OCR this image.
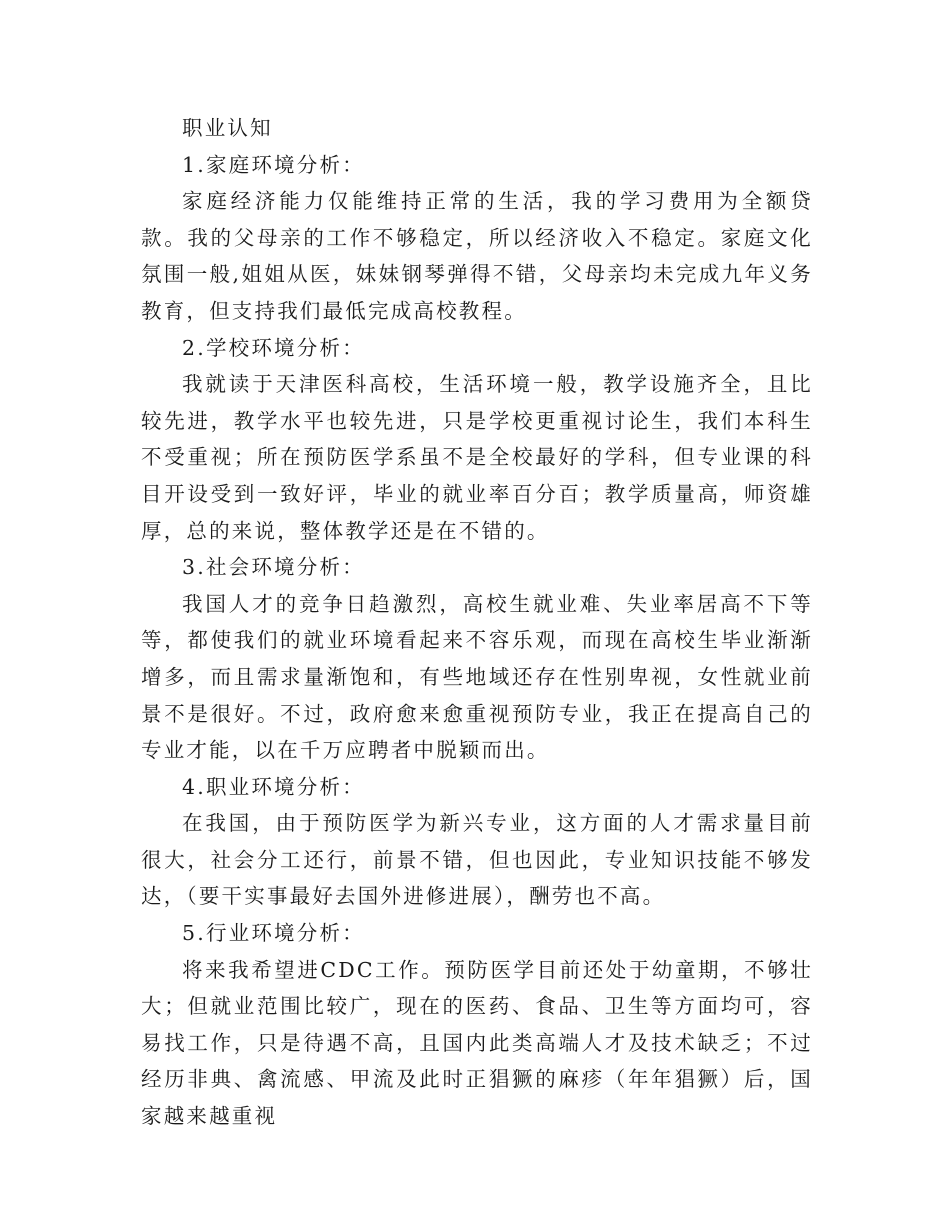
职业认知

1.家庭环境分析：

家庭经济能力仅能维持正常的生活，我的学习费用为全额贷款。我的父母亲的工作不够稳定，所以经济收入不稳定。家庭文化氛围一般,姐姐从医，妹妹钢琴弹得不错，父母亲均未完成九年义务教育，但支持我们最低完成高校教程。

2.学校环境分析：

我就读于天津医科高校，生活环境一般，教学设施齐全，且比较先进，教学水平也较先进，只是学校更重视讨论生，我们本科生不受重视；所在预防医学系虽不是全校最好的学科，但专业课的科目开设受到一致好评，毕业的就业率百分百；教学质量高，师资雄厚，总的来说，整体教学还是在不错的。

3.社会环境分析：

我国人才的竞争日趋激烈，高校生就业难、失业率居高不下等等，都使我们的就业环境看起来不容乐观，而现在高校生毕业渐渐增多，而且需求量渐饱和，有些地域还存在性别卑视，女性就业前景不是很好。不过，政府愈来愈重视预防专业，我正在提高自己的专业才能，以在千万应聘者中脱颖而出。

4.职业环境分析：

在我国，由于预防医学为新兴专业，这方面的人才需求量目前很大，社会分工还行，前景不错，但也因此，专业知识技能不够发达，（要干实事最好去国外进修进展），酬劳也不高。

5.行业环境分析：

将来我希望进CDC工作。预防医学目前还处于幼童期，不够壮大；但就业范围比较广，现在的医药、食品、卫生等方面均可，容易找工作，只是待遇不高，且国内此类高端人才及技术缺乏；不过经历非典、禽流感、甲流及此时正猖獗的麻疹（年年猖獗）后，国家越来越重视
